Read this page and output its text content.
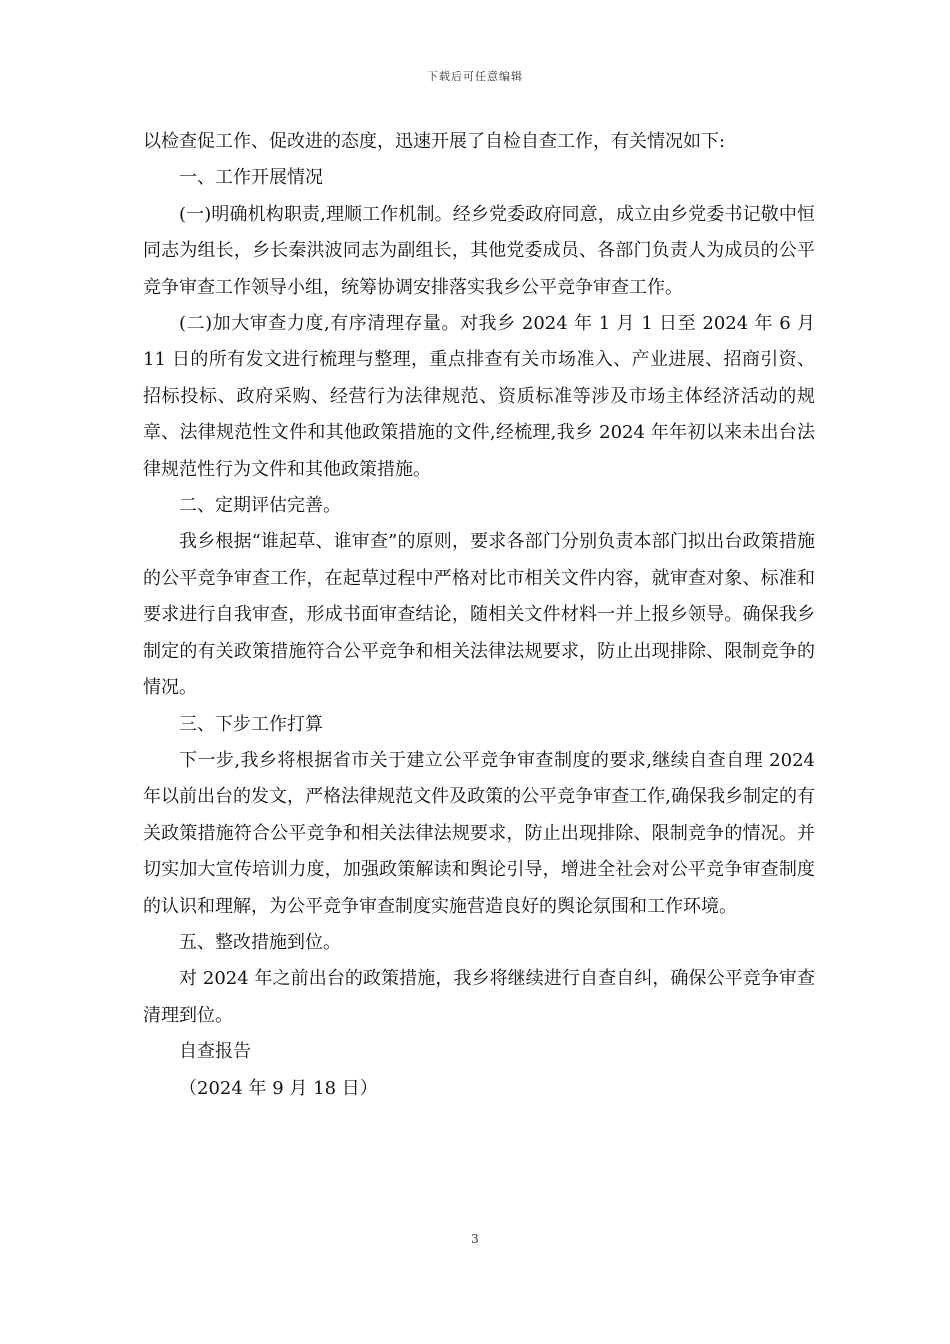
下载后可任意编辑

以检查促工作、促改进的态度，迅速开展了自检自查工作，有关情况如下:

一、工作开展情况

(一)明确机构职责,理顺工作机制。经乡党委政府同意，成立由乡党委书记敬中恒同志为组长，乡长秦洪波同志为副组长，其他党委成员、各部门负责人为成员的公平竞争审查工作领导小组，统筹协调安排落实我乡公平竞争审查工作。

(二)加大审查力度,有序清理存量。对我乡 2024 年 1 月 1 日至 2024 年 6 月 11 日的所有发文进行梳理与整理，重点排查有关市场准入、产业进展、招商引资、招标投标、政府采购、经营行为法律规范、资质标准等涉及市场主体经济活动的规章、法律规范性文件和其他政策措施的文件,经梳理,我乡 2024 年年初以来未出台法律规范性行为文件和其他政策措施。

二、定期评估完善。

我乡根据“谁起草、谁审查”的原则，要求各部门分别负责本部门拟出台政策措施的公平竞争审查工作，在起草过程中严格对比市相关文件内容，就审查对象、标准和要求进行自我审查，形成书面审查结论，随相关文件材料一并上报乡领导。确保我乡制定的有关政策措施符合公平竞争和相关法律法规要求，防止出现排除、限制竞争的情况。

三、下步工作打算

下一步,我乡将根据省市关于建立公平竞争审查制度的要求,继续自查自理 2024 年以前出台的发文，严格法律规范文件及政策的公平竞争审查工作,确保我乡制定的有关政策措施符合公平竞争和相关法律法规要求，防止出现排除、限制竞争的情况。并切实加大宣传培训力度，加强政策解读和舆论引导，增进全社会对公平竞争审查制度的认识和理解，为公平竞争审查制度实施营造良好的舆论氛围和工作环境。

五、整改措施到位。

对 2024 年之前出台的政策措施，我乡将继续进行自查自纠，确保公平竞争审查清理到位。

自查报告

（2024 年 9 月 18 日）

3
